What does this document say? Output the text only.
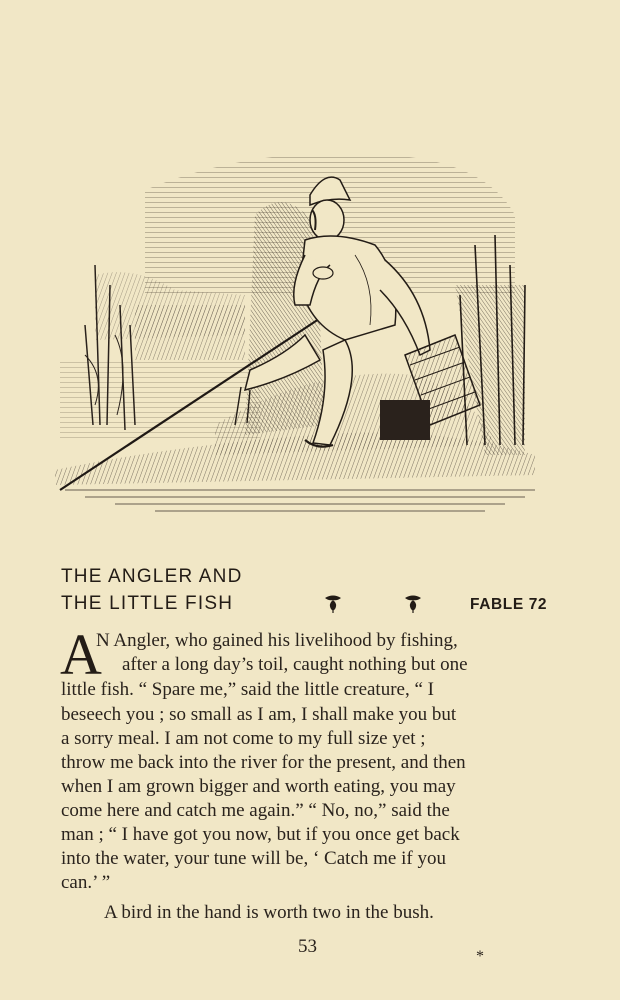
THE ANGLER AND
THE LITTLE FISH	FABLE 72
A
N Angler, who gained his livelihood by fishing,
after a long day’s toil, caught nothing but one
little fish. “ Spare me,” said the little creature, “ I
beseech you ; so small as I am, I shall make you but
a sorry meal. I am not come to my full size yet ;
throw me back into the river for the present, and then
when I am grown bigger and worth eating, you may
come here and catch me again.” “ No, no,” said the
man ; “ I have got you now, but if you once get back
into the water, your tune will be, ‘ Catch me if you
can.’ ”
A bird in the hand is worth two in the bush.
53	*
